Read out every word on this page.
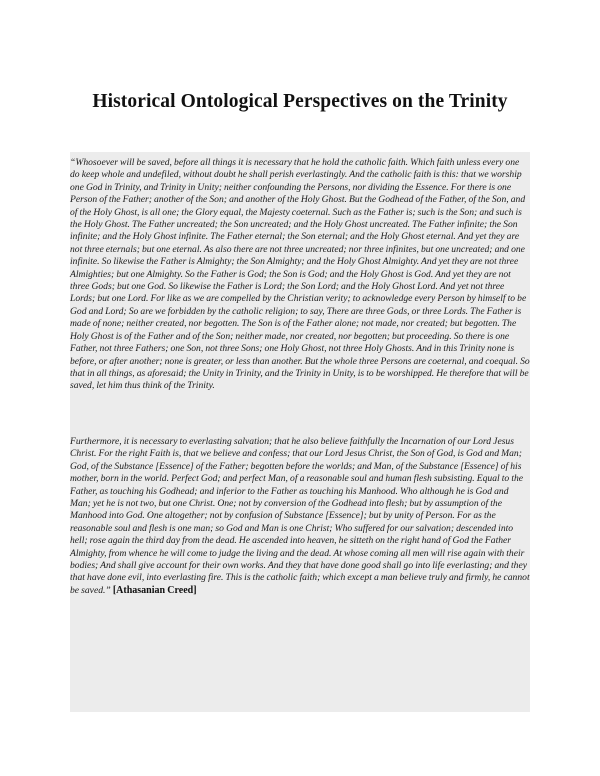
Historical Ontological Perspectives on the Trinity

“Whosoever will be saved, before all things it is necessary that he hold the catholic faith. Which faith unless every one do keep whole and undefiled, without doubt he shall perish everlastingly. And the catholic faith is this: that we worship one God in Trinity, and Trinity in Unity; neither confounding the Persons, nor dividing the Essence. For there is one Person of the Father; another of the Son; and another of the Holy Ghost. But the Godhead of the Father, of the Son, and of the Holy Ghost, is all one; the Glory equal, the Majesty coeternal. Such as the Father is; such is the Son; and such is the Holy Ghost. The Father uncreated; the Son uncreated; and the Holy Ghost uncreated. The Father infinite; the Son infinite; and the Holy Ghost infinite. The Father eternal; the Son eternal; and the Holy Ghost eternal. And yet they are not three eternals; but one eternal. As also there are not three uncreated; nor three infinites, but one uncreated; and one infinite. So likewise the Father is Almighty; the Son Almighty; and the Holy Ghost Almighty. And yet they are not three Almighties; but one Almighty. So the Father is God; the Son is God; and the Holy Ghost is God. And yet they are not three Gods; but one God. So likewise the Father is Lord; the Son Lord; and the Holy Ghost Lord. And yet not three Lords; but one Lord. For like as we are compelled by the Christian verity; to acknowledge every Person by himself to be God and Lord; So are we forbidden by the catholic religion; to say, There are three Gods, or three Lords. The Father is made of none; neither created, nor begotten. The Son is of the Father alone; not made, nor created; but begotten. The Holy Ghost is of the Father and of the Son; neither made, nor created, nor begotten; but proceeding. So there is one Father, not three Fathers; one Son, not three Sons; one Holy Ghost, not three Holy Ghosts. And in this Trinity none is before, or after another; none is greater, or less than another. But the whole three Persons are coeternal, and coequal. So that in all things, as aforesaid; the Unity in Trinity, and the Trinity in Unity, is to be worshipped. He therefore that will be saved, let him thus think of the Trinity.

Furthermore, it is necessary to everlasting salvation; that he also believe faithfully the Incarnation of our Lord Jesus Christ. For the right Faith is, that we believe and confess; that our Lord Jesus Christ, the Son of God, is God and Man; God, of the Substance [Essence] of the Father; begotten before the worlds; and Man, of the Substance [Essence] of his mother, born in the world. Perfect God; and perfect Man, of a reasonable soul and human flesh subsisting. Equal to the Father, as touching his Godhead; and inferior to the Father as touching his Manhood. Who although he is God and Man; yet he is not two, but one Christ. One; not by conversion of the Godhead into flesh; but by assumption of the Manhood into God. One altogether; not by confusion of Substance [Essence]; but by unity of Person. For as the reasonable soul and flesh is one man; so God and Man is one Christ; Who suffered for our salvation; descended into hell; rose again the third day from the dead. He ascended into heaven, he sitteth on the right hand of God the Father Almighty, from whence he will come to judge the living and the dead. At whose coming all men will rise again with their bodies; And shall give account for their own works. And they that have done good shall go into life everlasting; and they that have done evil, into everlasting fire. This is the catholic faith; which except a man believe truly and firmly, he cannot be saved.” [Athasanian Creed]
